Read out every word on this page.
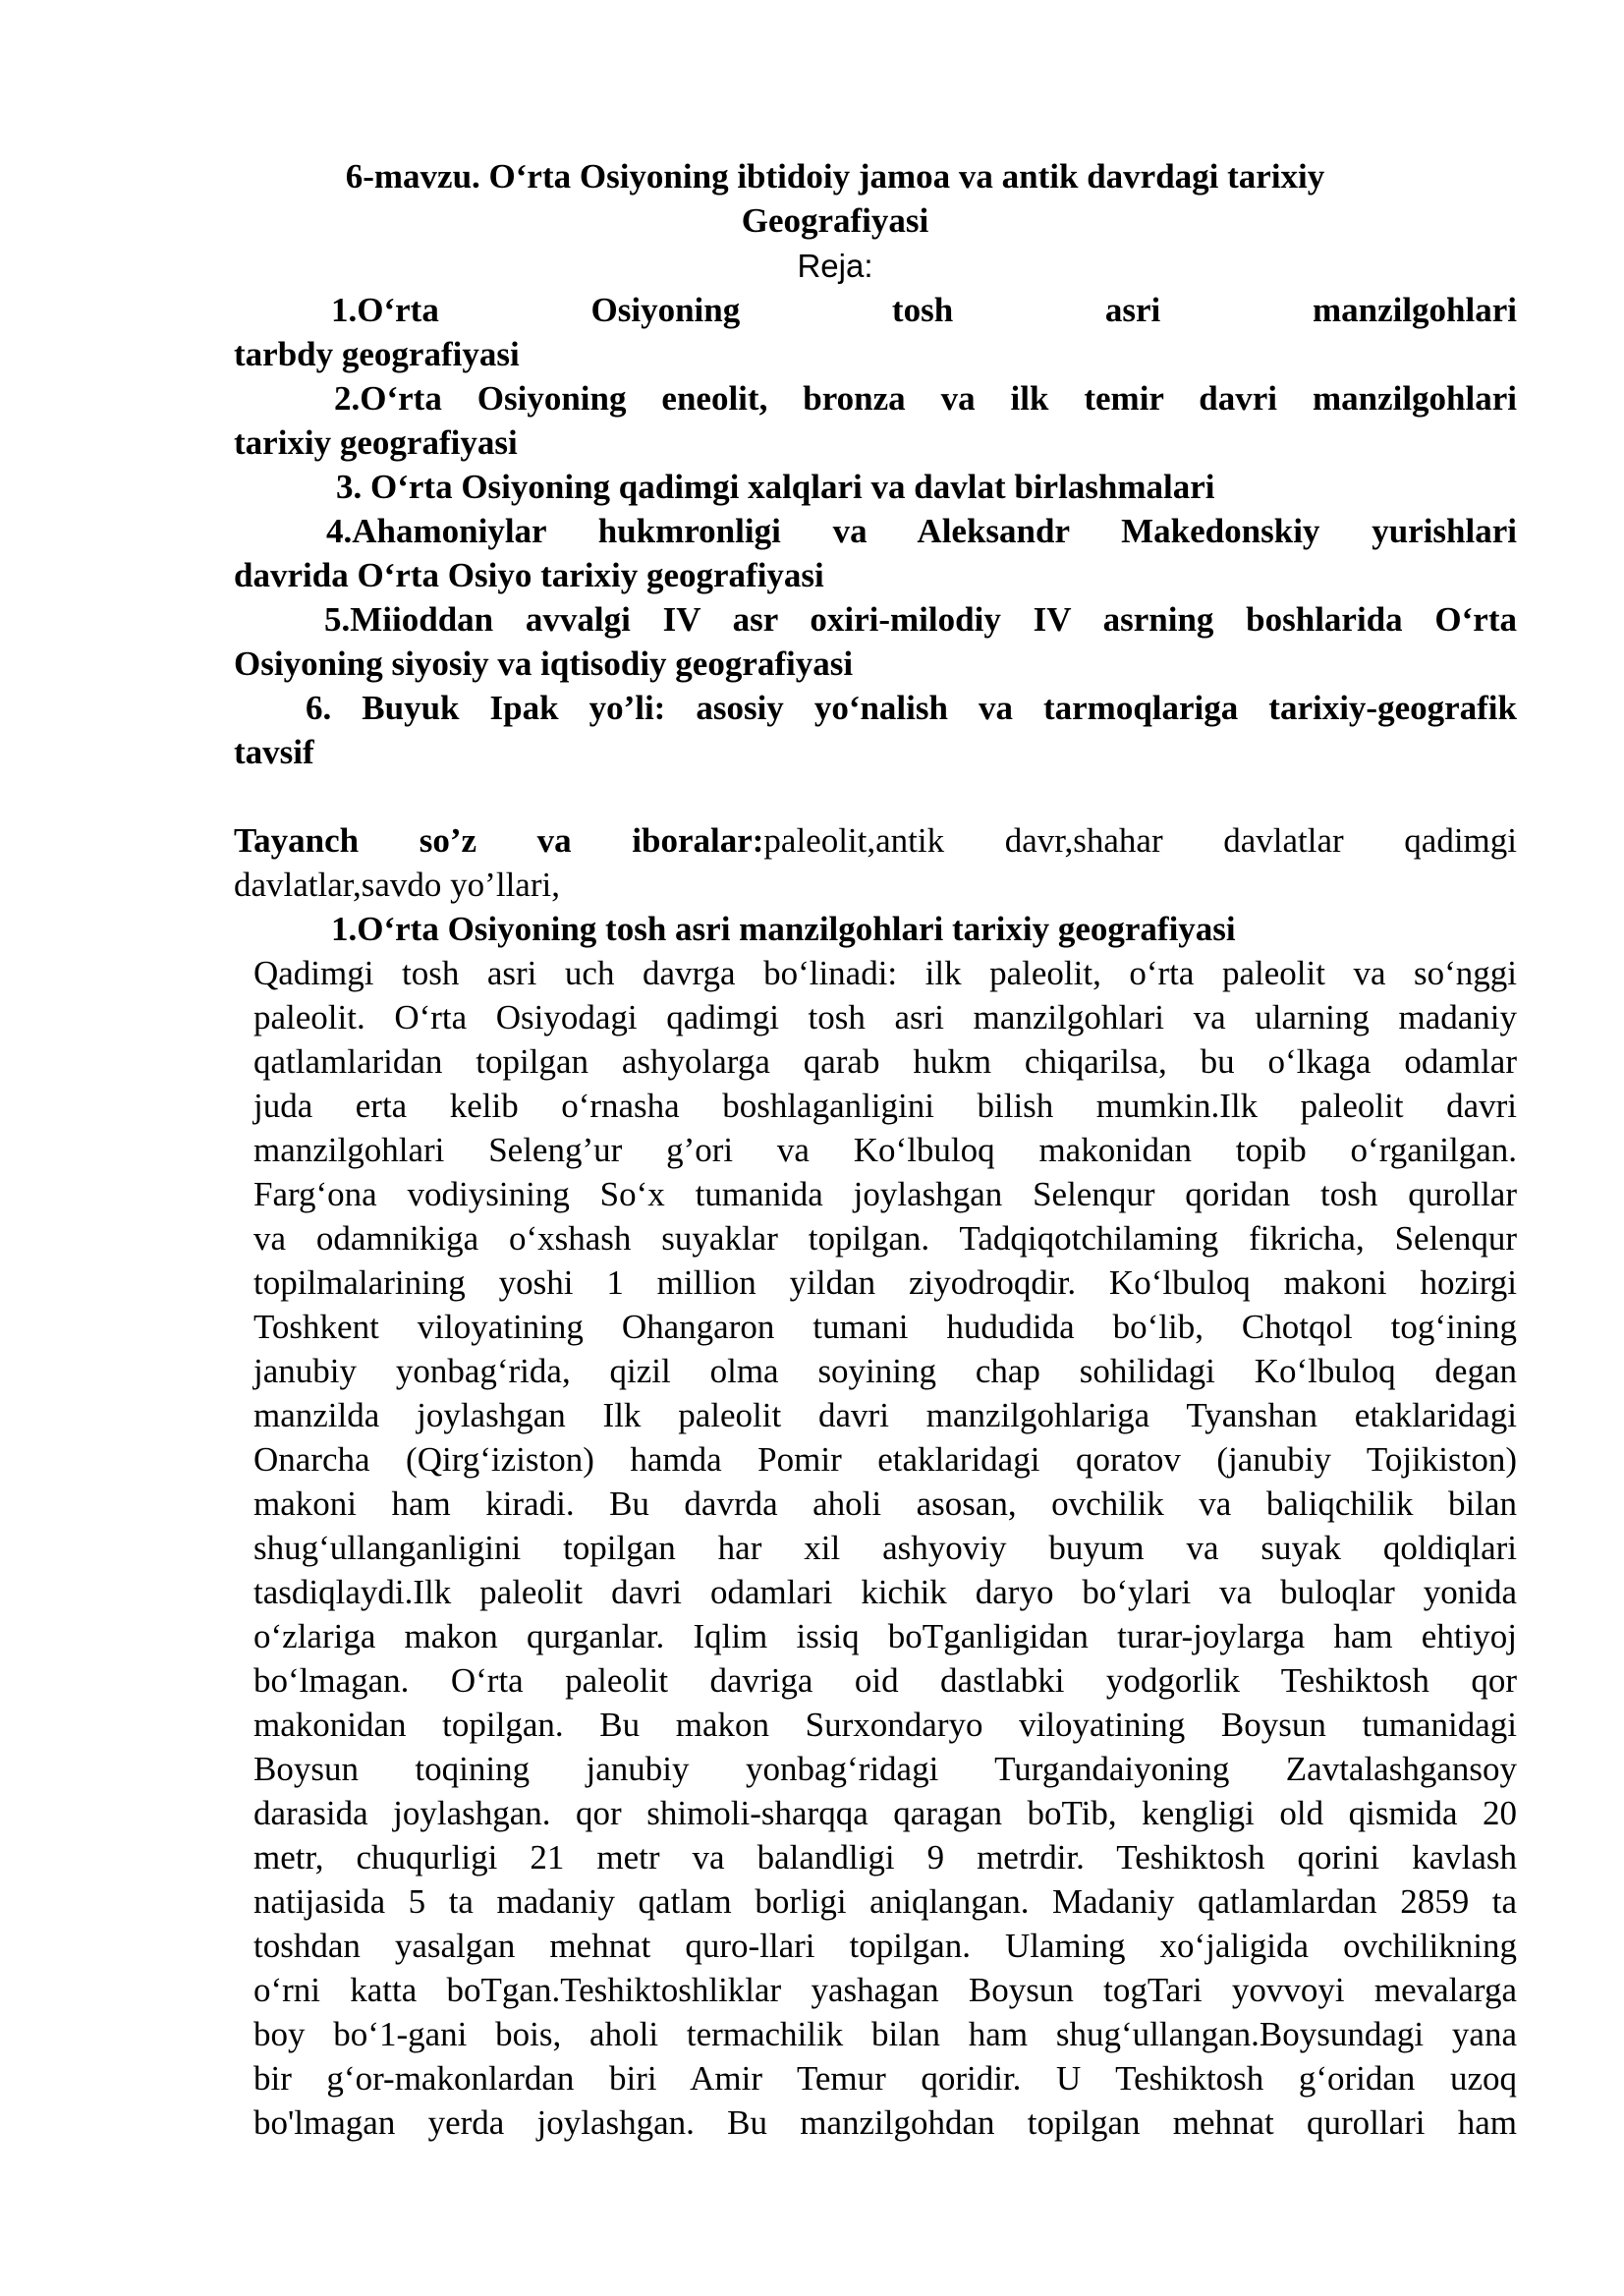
6-mavzu. O‘rta Osiyoning ibtidoiy jamoa va antik davrdagi tarixiy

Geografiyasi

Reja:

1.O‘rta Osiyoning tosh asri manzilgohlari

tarbdy geografiyasi

2.O‘rta Osiyoning eneolit, bronza va ilk temir davri manzilgohlari

tarixiy geografiyasi

3. O‘rta Osiyoning qadimgi xalqlari va davlat birlashmalari

4.Ahamoniylar hukmronligi va Aleksandr Makedonskiy yurishlari

davrida O‘rta Osiyo tarixiy geografiyasi

5.Miioddan avvalgi IV asr oxiri-milodiy IV asrning boshlarida O‘rta

Osiyoning siyosiy va iqtisodiy geografiyasi

6. Buyuk Ipak yo’li: asosiy yo‘nalish va tarmoqlariga tarixiy-geografik

tavsif

Tayanch so’z va iboralar:paleolit,antik davr,shahar davlatlar qadimgi

davlatlar,savdo yo’llari,

1.O‘rta Osiyoning tosh asri manzilgohlari tarixiy geografiyasi

Qadimgi tosh asri uch davrga bo‘linadi: ilk paleolit, o‘rta paleolit va so‘nggi

paleolit. O‘rta Osiyodagi qadimgi tosh asri manzilgohlari va ularning madaniy

qatlamlaridan topilgan ashyolarga qarab hukm chiqarilsa, bu o‘lkaga odamlar

juda erta kelib o‘rnasha boshlaganligini bilish mumkin.Ilk paleolit davri

manzilgohlari Seleng’ur g’ori va Ko‘lbuloq makonidan topib o‘rganilgan.

Farg‘ona vodiysining So‘x tumanida joylashgan Selenqur qoridan tosh qurollar

va odamnikiga o‘xshash suyaklar topilgan. Tadqiqotchilaming fikricha, Selenqur

topilmalarining yoshi 1 million yildan ziyodroqdir. Ko‘lbuloq makoni hozirgi

Toshkent viloyatining Ohangaron tumani hududida bo‘lib, Chotqol tog‘ining

janubiy yonbag‘rida, qizil olma soyining chap sohilidagi Ko‘lbuloq degan

manzilda joylashgan Ilk paleolit davri manzilgohlariga Tyanshan etaklaridagi

Onarcha (Qirg‘iziston) hamda Pomir etaklaridagi qoratov (janubiy Tojikiston)

makoni ham kiradi. Bu davrda aholi asosan, ovchilik va baliqchilik bilan

shug‘ullanganligini topilgan har xil ashyoviy buyum va suyak qoldiqlari

tasdiqlaydi.Ilk paleolit davri odamlari kichik daryo bo‘ylari va buloqlar yonida

o‘zlariga makon qurganlar. Iqlim issiq boTganligidan turar-joylarga ham ehtiyoj

bo‘lmagan. O‘rta paleolit davriga oid dastlabki yodgorlik Teshiktosh qor

makonidan topilgan. Bu makon Surxondaryo viloyatining Boysun tumanidagi

Boysun toqining janubiy yonbag‘ridagi Turgandaiyoning Zavtalashgansoy

darasida joylashgan. qor shimoli-sharqqa qaragan boTib, kengligi old qismida 20

metr, chuqurligi 21 metr va balandligi 9 metrdir. Teshiktosh qorini kavlash

natijasida 5 ta madaniy qatlam borligi aniqlangan. Madaniy qatlamlardan 2859 ta

toshdan yasalgan mehnat quro-llari topilgan. Ulaming xo‘jaligida ovchilikning

o‘rni katta boTgan.Teshiktoshliklar yashagan Boysun togTari yovvoyi mevalarga

boy bo‘1-gani bois, aholi termachilik bilan ham shug‘ullangan.Boysundagi yana

bir g‘or-makonlardan biri Amir Temur qoridir. U Teshiktosh g‘oridan uzoq

bo'lmagan yerda joylashgan. Bu manzilgohdan topilgan mehnat qurollari ham
